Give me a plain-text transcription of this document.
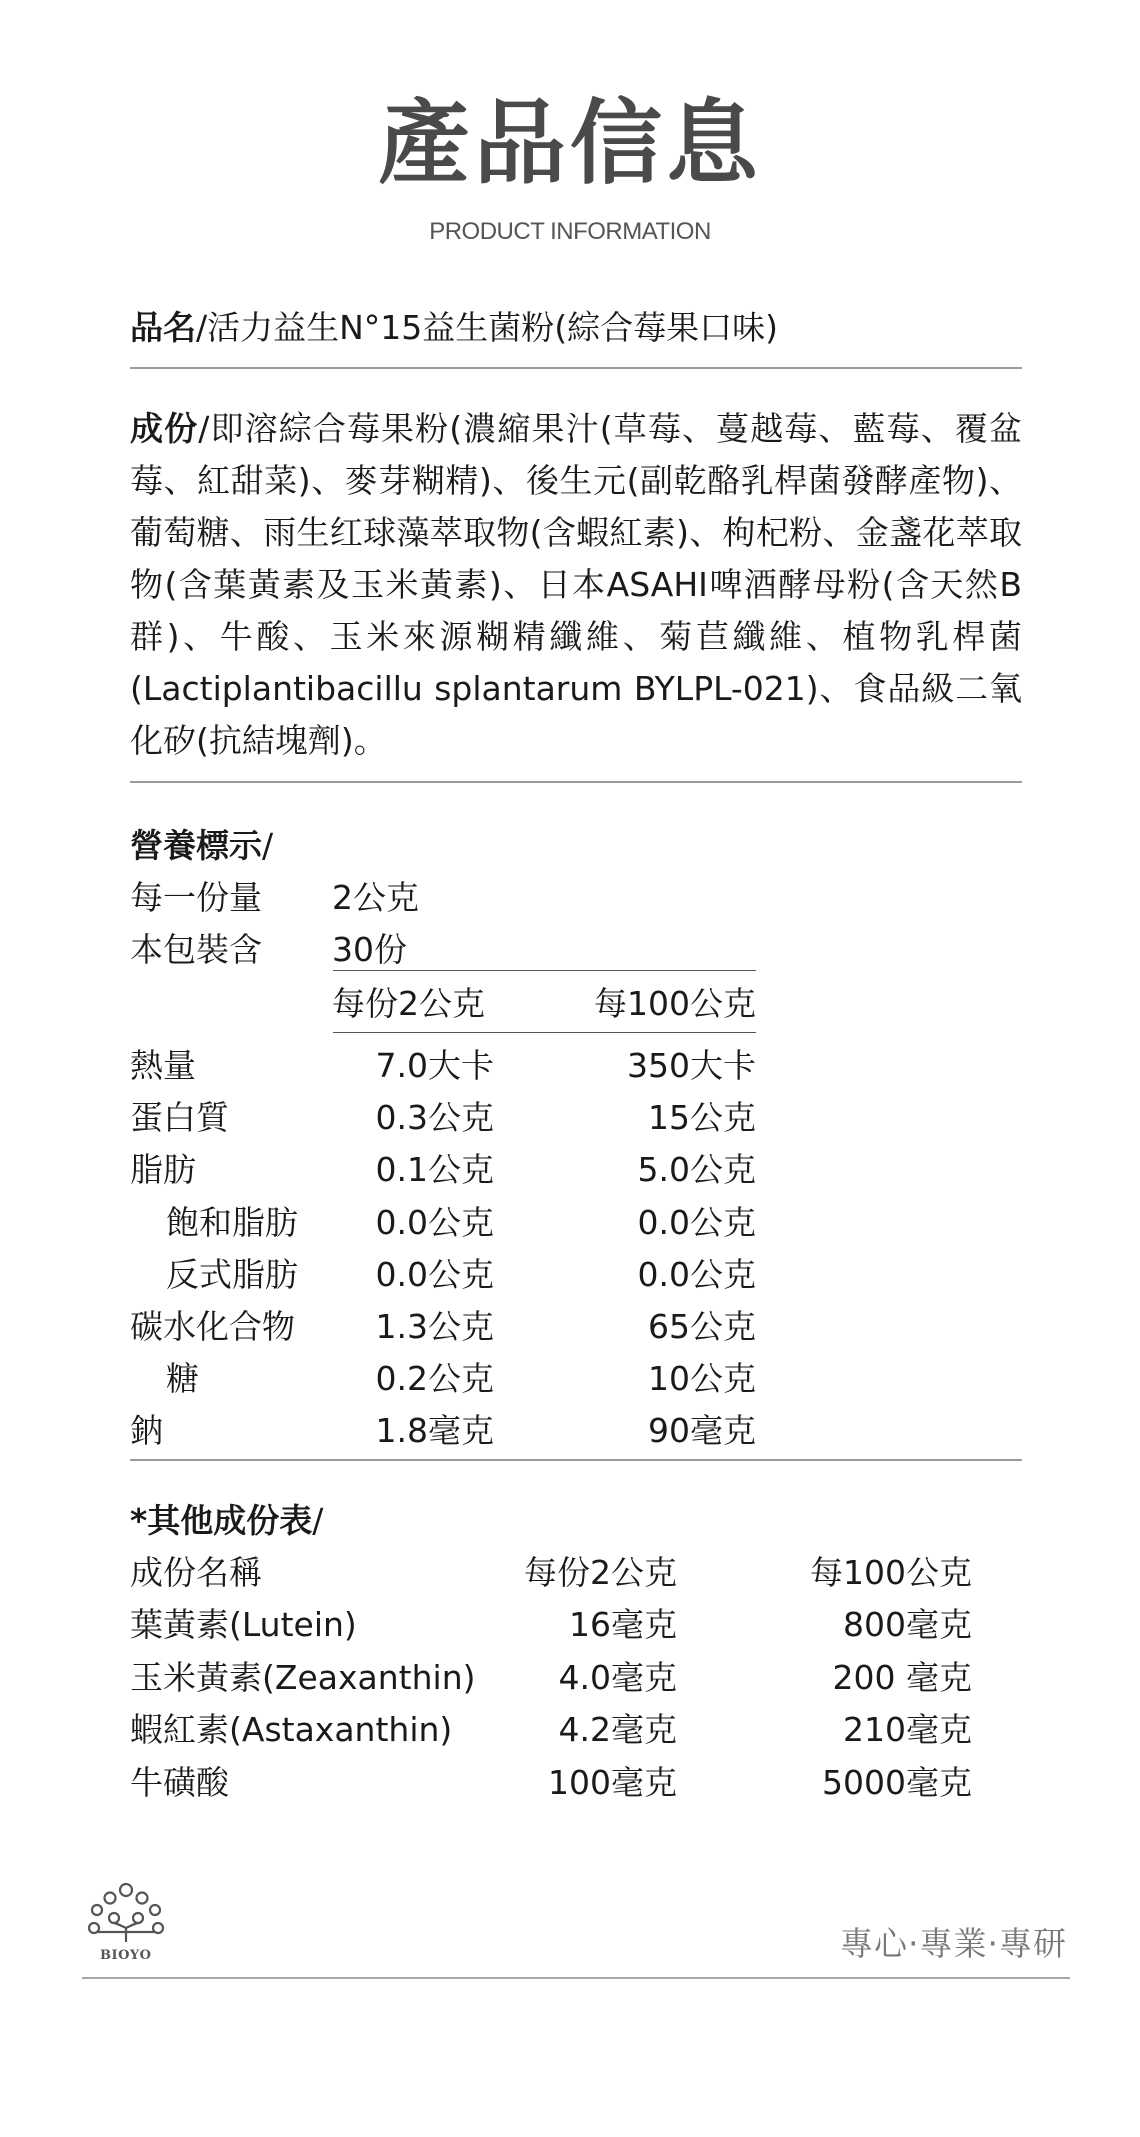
產品信息
PRODUCT INFORMATION
品名/活力益生N°15益生菌粉(綜合莓果口味)
成份/即溶綜合莓果粉(濃縮果汁(草莓、蔓越莓、藍莓、覆盆莓、紅甜菜)、麥芽糊精)、後生元(副乾酪乳桿菌發酵產物)、葡萄糖、雨生红球藻萃取物(含蝦紅素)、枸杞粉、金盞花萃取物(含葉黃素及玉米黃素)、日本ASAHI啤酒酵母粉(含天然B群)、牛酸、玉米來源糊精纖維、菊苣纖維、植物乳桿菌(Lactiplantibacillu splantarum BYLPL-021)、食品級二氧化矽(抗結塊劑)。
營養標示/
每一份量 2公克
本包裝含 30份
每份2公克	每100公克
熱量	7.0大卡	350大卡
蛋白質	0.3公克	15公克
脂肪	0.1公克	5.0公克
飽和脂肪 0.0公克	0.0公克
反式脂肪 0.0公克	0.0公克
碳水化合物 1.3公克	65公克
糖	0.2公克	10公克
鈉	1.8毫克	90毫克
*其他成份表/
成份名稱	每份2公克	每100公克
葉黃素(Lutein)	16毫克	800毫克
玉米黃素(Zeaxanthin)	4.0毫克	200 毫克
蝦紅素(Astaxanthin)	4.2毫克	210毫克
牛磺酸	100毫克	5000毫克
BIOYO	專心·專業·專研
